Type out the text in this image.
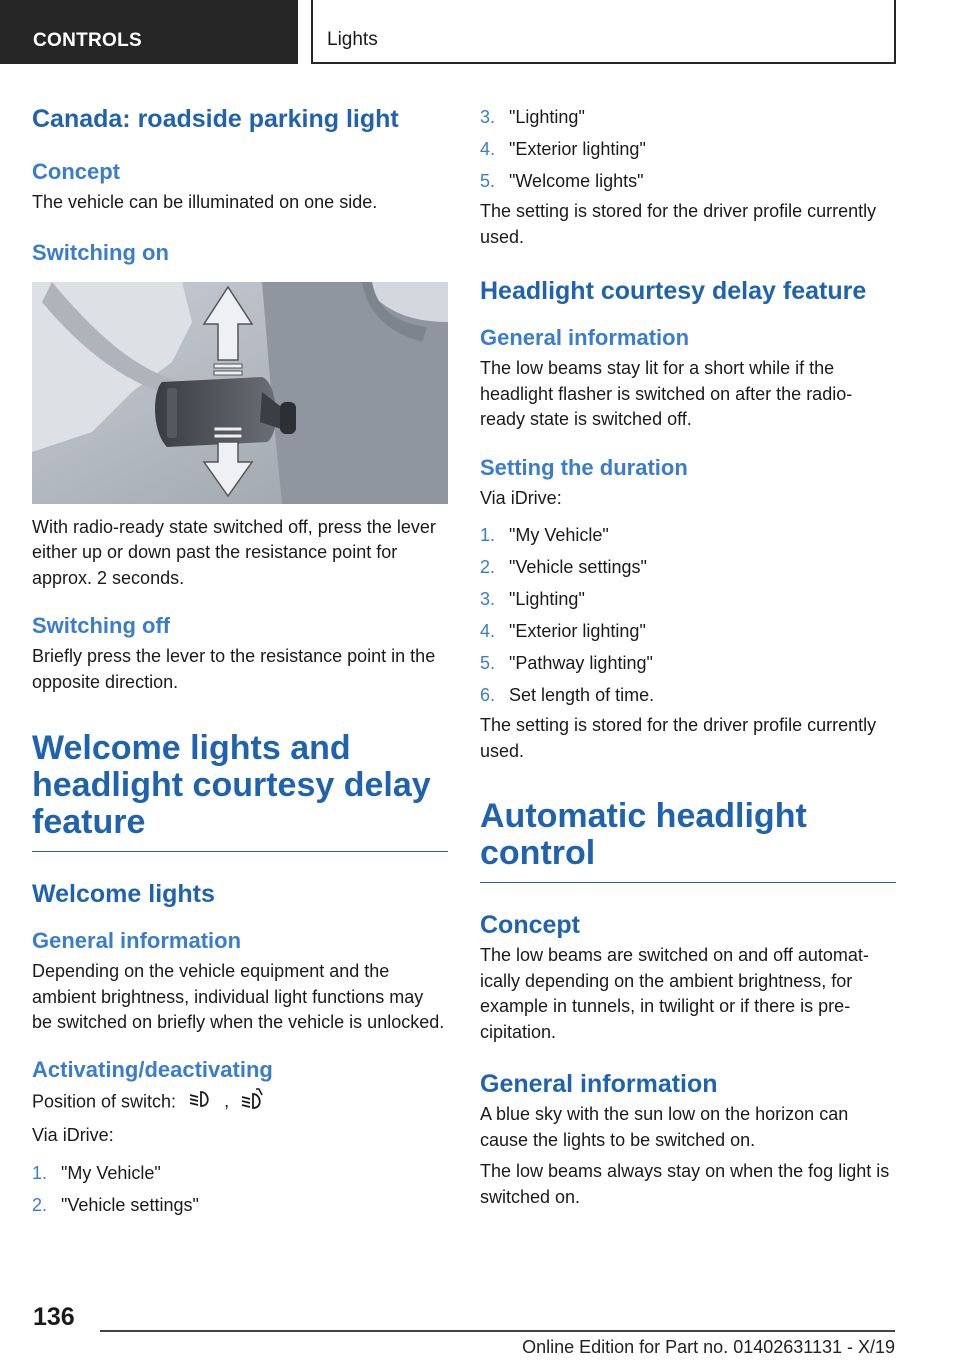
CONTROLS	Lights
Canada: roadside parking light
Concept
The vehicle can be illuminated on one side.
Switching on
With radio-ready state switched off, press the lever either up or down past the resistance point for approx. 2 seconds.
Switching off
Briefly press the lever to the resistance point in the opposite direction.
Welcome lights and headlight courtesy delay feature
Welcome lights
General information
Depending on the vehicle equipment and the ambient brightness, individual light functions may be switched on briefly when the vehicle is unlocked.
Activating/deactivating
Position of switch:	,
Via iDrive:
1. "My Vehicle"
2. "Vehicle settings"
3. "Lighting"
4. "Exterior lighting"
5. "Welcome lights"
The setting is stored for the driver profile currently used.
Headlight courtesy delay feature
General information
The low beams stay lit for a short while if the headlight flasher is switched on after the radio-ready state is switched off.
Setting the duration
Via iDrive:
1. "My Vehicle"
2. "Vehicle settings"
3. "Lighting"
4. "Exterior lighting"
5. "Pathway lighting"
6. Set length of time.
The setting is stored for the driver profile currently used.
Automatic headlight control
Concept
The low beams are switched on and off automatically depending on the ambient brightness, for example in tunnels, in twilight or if there is precipitation.
General information
A blue sky with the sun low on the horizon can cause the lights to be switched on.
The low beams always stay on when the fog light is switched on.
136
Online Edition for Part no. 01402631131 - X/19
